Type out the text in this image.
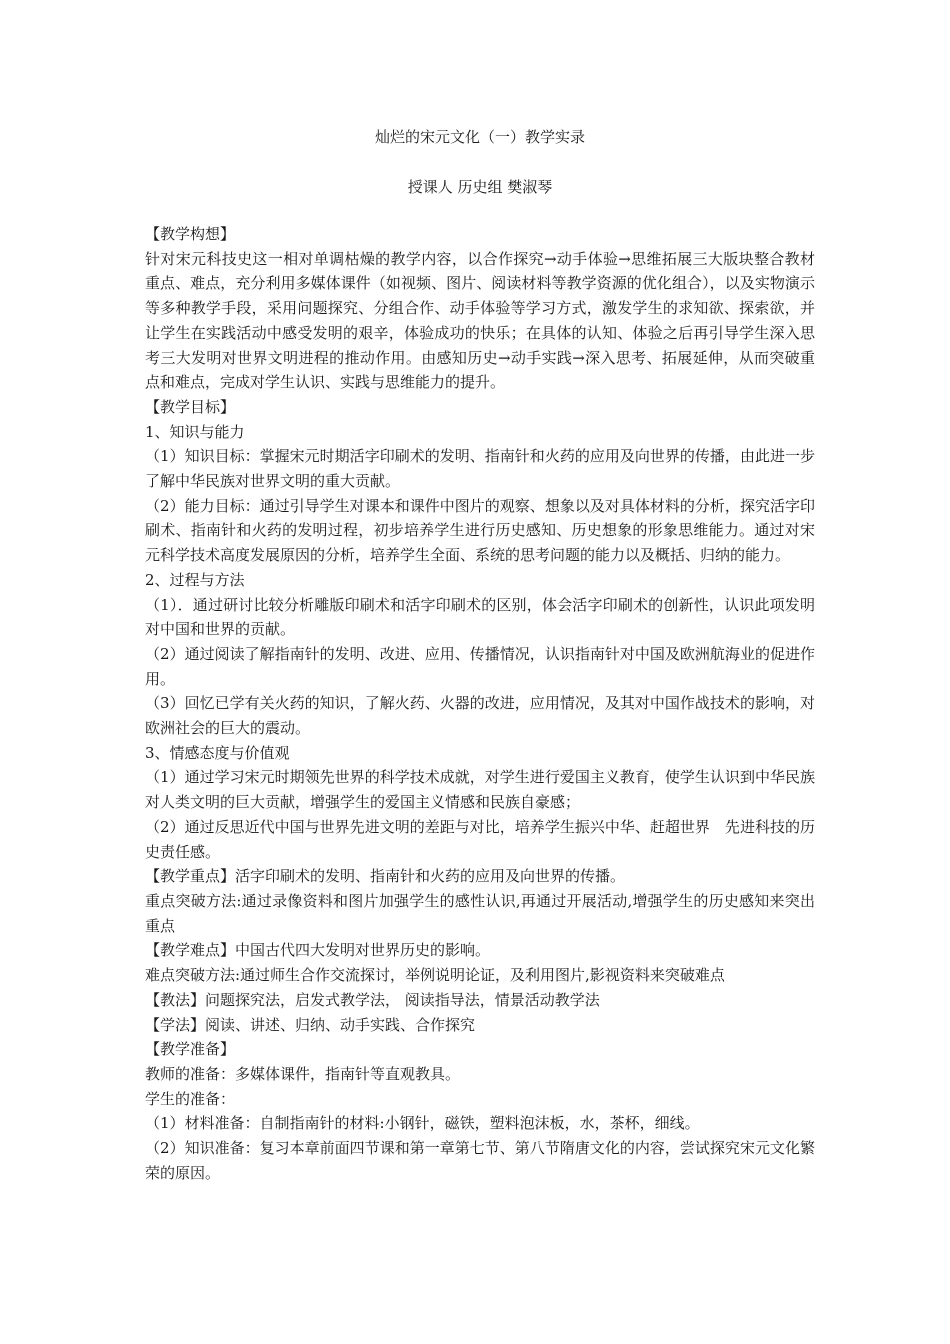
灿烂的宋元文化（一）教学实录
授课人 历史组 樊淑琴

【教学构想】

针对宋元科技史这一相对单调枯燥的教学内容，以合作探究→动手体验→思维拓展三大版块整合教材重点、难点，充分利用多媒体课件（如视频、图片、阅读材料等教学资源的优化组合），以及实物演示等多种教学手段，采用问题探究、分组合作、动手体验等学习方式，激发学生的求知欲、探索欲，并让学生在实践活动中感受发明的艰辛，体验成功的快乐；在具体的认知、体验之后再引导学生深入思考三大发明对世界文明进程的推动作用。由感知历史→动手实践→深入思考、拓展延伸，从而突破重点和难点，完成对学生认识、实践与思维能力的提升。

【教学目标】

1、知识与能力

（1）知识目标：掌握宋元时期活字印刷术的发明、指南针和火药的应用及向世界的传播，由此进一步了解中华民族对世界文明的重大贡献。

（2）能力目标：通过引导学生对课本和课件中图片的观察、想象以及对具体材料的分析，探究活字印刷术、指南针和火药的发明过程，初步培养学生进行历史感知、历史想象的形象思维能力。通过对宋元科学技术高度发展原因的分析，培养学生全面、系统的思考问题的能力以及概括、归纳的能力。

2、过程与方法

（1）．通过研讨比较分析雕版印刷术和活字印刷术的区别，体会活字印刷术的创新性，认识此项发明对中国和世界的贡献。

（2）通过阅读了解指南针的发明、改进、应用、传播情况，认识指南针对中国及欧洲航海业的促进作用。

（3）回忆已学有关火药的知识，了解火药、火器的改进，应用情况，及其对中国作战技术的影响，对欧洲社会的巨大的震动。

3、情感态度与价值观

（1）通过学习宋元时期领先世界的科学技术成就，对学生进行爱国主义教育，使学生认识到中华民族对人类文明的巨大贡献，增强学生的爱国主义情感和民族自豪感；

（2）通过反思近代中国与世界先进文明的差距与对比，培养学生振兴中华、赶超世界　先进科技的历史责任感。

【教学重点】活字印刷术的发明、指南针和火药的应用及向世界的传播。

重点突破方法:通过录像资料和图片加强学生的感性认识,再通过开展活动,增强学生的历史感知来突出重点

【教学难点】中国古代四大发明对世界历史的影响。

难点突破方法:通过师生合作交流探讨，举例说明论证，及利用图片,影视资料来突破难点

【教法】问题探究法，启发式教学法， 阅读指导法，情景活动教学法

【学法】阅读、讲述、归纳、动手实践、合作探究

【教学准备】

教师的准备：多媒体课件，指南针等直观教具。

学生的准备：

（1）材料准备：自制指南针的材料:小钢针，磁铁，塑料泡沫板，水，茶杯，细线。

（2）知识准备：复习本章前面四节课和第一章第七节、第八节隋唐文化的内容，尝试探究宋元文化繁荣的原因。
